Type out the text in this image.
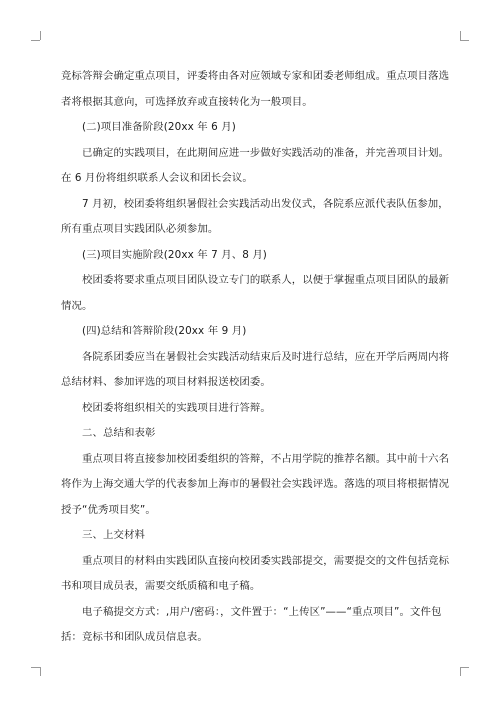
竞标答辩会确定重点项目，评委将由各对应领域专家和团委老师组成。重点项目落选
者将根据其意向，可选择放弃或直接转化为一般项目。
(二)项目准备阶段(20xx 年 6 月)
已确定的实践项目，在此期间应进一步做好实践活动的准备，并完善项目计划。
在 6 月份将组织联系人会议和团长会议。
7 月初，校团委将组织暑假社会实践活动出发仪式，各院系应派代表队伍参加，
所有重点项目实践团队必须参加。
(三)项目实施阶段(20xx 年 7 月、8 月)
校团委将要求重点项目团队设立专门的联系人，以便于掌握重点项目团队的最新
情况。
(四)总结和答辩阶段(20xx 年 9 月)
各院系团委应当在暑假社会实践活动结束后及时进行总结，应在开学后两周内将
总结材料、参加评选的项目材料报送校团委。
校团委将组织相关的实践项目进行答辩。
二、总结和表彰
重点项目将直接参加校团委组织的答辩，不占用学院的推荐名额。其中前十六名
将作为上海交通大学的代表参加上海市的暑假社会实践评选。落选的项目将根据情况
授予“优秀项目奖”。
三、上交材料
重点项目的材料由实践团队直接向校团委实践部提交，需要提交的文件包括竞标
书和项目成员表，需要交纸质稿和电子稿。
电子稿提交方式：,用户/密码：，文件置于：“上传区”——“重点项目”。文件包
括：竞标书和团队成员信息表。
